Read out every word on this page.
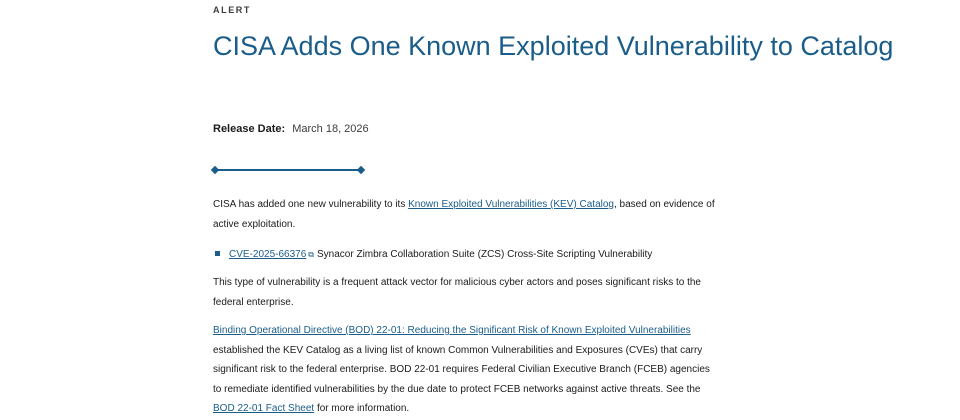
ALERT
CISA Adds One Known Exploited Vulnerability to Catalog
Release Date: March 18, 2026

CISA has added one new vulnerability to its Known Exploited Vulnerabilities (KEV) Catalog, based on evidence of active exploitation.

CVE-2025-66376 ⧉ Synacor Zimbra Collaboration Suite (ZCS) Cross-Site Scripting Vulnerability

This type of vulnerability is a frequent attack vector for malicious cyber actors and poses significant risks to the federal enterprise.

Binding Operational Directive (BOD) 22-01: Reducing the Significant Risk of Known Exploited Vulnerabilities established the KEV Catalog as a living list of known Common Vulnerabilities and Exposures (CVEs) that carry significant risk to the federal enterprise. BOD 22-01 requires Federal Civilian Executive Branch (FCEB) agencies to remediate identified vulnerabilities by the due date to protect FCEB networks against active threats. See the BOD 22-01 Fact Sheet for more information.
